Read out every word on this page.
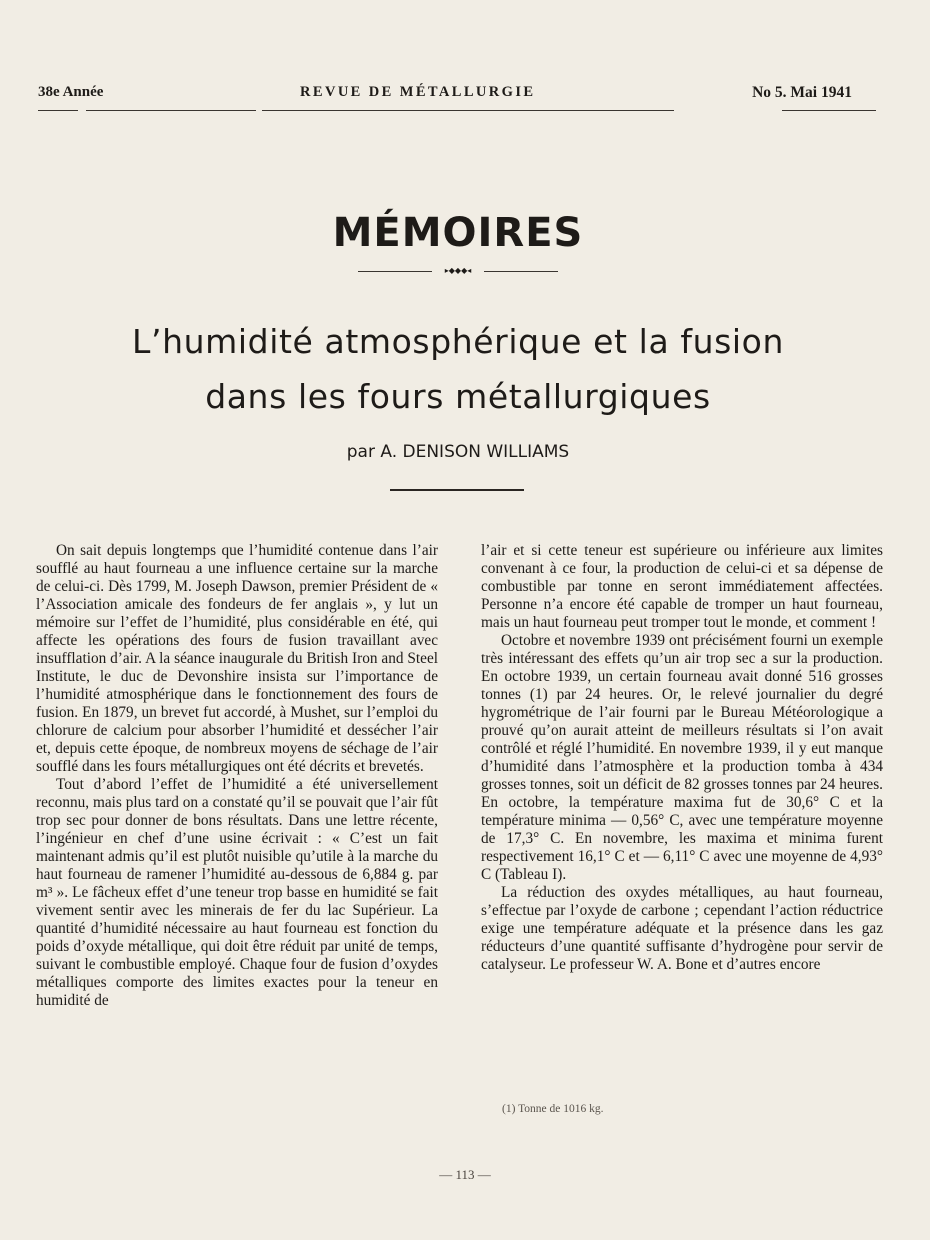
38e Année	REVUE DE MÉTALLURGIE	No 5. Mai 1941
MÉMOIRES
▸◆◆◆◂
L’humidité atmosphérique et la fusion
dans les fours métallurgiques
par A. DENISON WILLIAMS

On sait depuis longtemps que l’humidité contenue dans l’air soufflé au haut fourneau a une influence certaine sur la marche de celui-ci. Dès 1799, M. Joseph Dawson, premier Président de « l’Association amicale des fondeurs de fer anglais », y lut un mémoire sur l’effet de l’humidité, plus considérable en été, qui affecte les opérations des fours de fusion travaillant avec insufflation d’air. A la séance inaugurale du British Iron and Steel Institute, le duc de Devonshire insista sur l’importance de l’humidité atmosphérique dans le fonctionnement des fours de fusion. En 1879, un brevet fut accordé, à Mushet, sur l’emploi du chlorure de calcium pour absorber l’humidité et dessécher l’air et, depuis cette époque, de nombreux moyens de séchage de l’air soufflé dans les fours métallurgiques ont été décrits et brevetés.

Tout d’abord l’effet de l’humidité a été universellement reconnu, mais plus tard on a constaté qu’il se pouvait que l’air fût trop sec pour donner de bons résultats. Dans une lettre récente, l’ingénieur en chef d’une usine écrivait : « C’est un fait maintenant admis qu’il est plutôt nuisible qu’utile à la marche du haut fourneau de ramener l’humidité au-dessous de 6,884 g. par m³ ». Le fâcheux effet d’une teneur trop basse en humidité se fait vivement sentir avec les minerais de fer du lac Supérieur. La quantité d’humidité nécessaire au haut fourneau est fonction du poids d’oxyde métallique, qui doit être réduit par unité de temps, suivant le combustible employé. Chaque four de fusion d’oxydes métalliques comporte des limites exactes pour la teneur en humidité de

l’air et si cette teneur est supérieure ou inférieure aux limites convenant à ce four, la production de celui-ci et sa dépense de combustible par tonne en seront immédiatement affectées. Personne n’a encore été capable de tromper un haut fourneau, mais un haut fourneau peut tromper tout le monde, et comment !

Octobre et novembre 1939 ont précisément fourni un exemple très intéressant des effets qu’un air trop sec a sur la production. En octobre 1939, un certain fourneau avait donné 516 grosses tonnes (1) par 24 heures. Or, le relevé journalier du degré hygrométrique de l’air fourni par le Bureau Météorologique a prouvé qu’on aurait atteint de meilleurs résultats si l’on avait contrôlé et réglé l’humidité. En novembre 1939, il y eut manque d’humidité dans l’atmosphère et la production tomba à 434 grosses tonnes, soit un déficit de 82 grosses tonnes par 24 heures. En octobre, la température maxima fut de 30,6° C et la température minima — 0,56° C, avec une température moyenne de 17,3° C. En novembre, les maxima et minima furent respectivement 16,1° C et — 6,11° C avec une moyenne de 4,93° C (Tableau I).

La réduction des oxydes métalliques, au haut fourneau, s’effectue par l’oxyde de carbone ; cependant l’action réductrice exige une température adéquate et la présence dans les gaz réducteurs d’une quantité suffisante d’hydrogène pour servir de catalyseur. Le professeur W. A. Bone et d’autres encore

(1) Tonne de 1016 kg.
— 113 —
